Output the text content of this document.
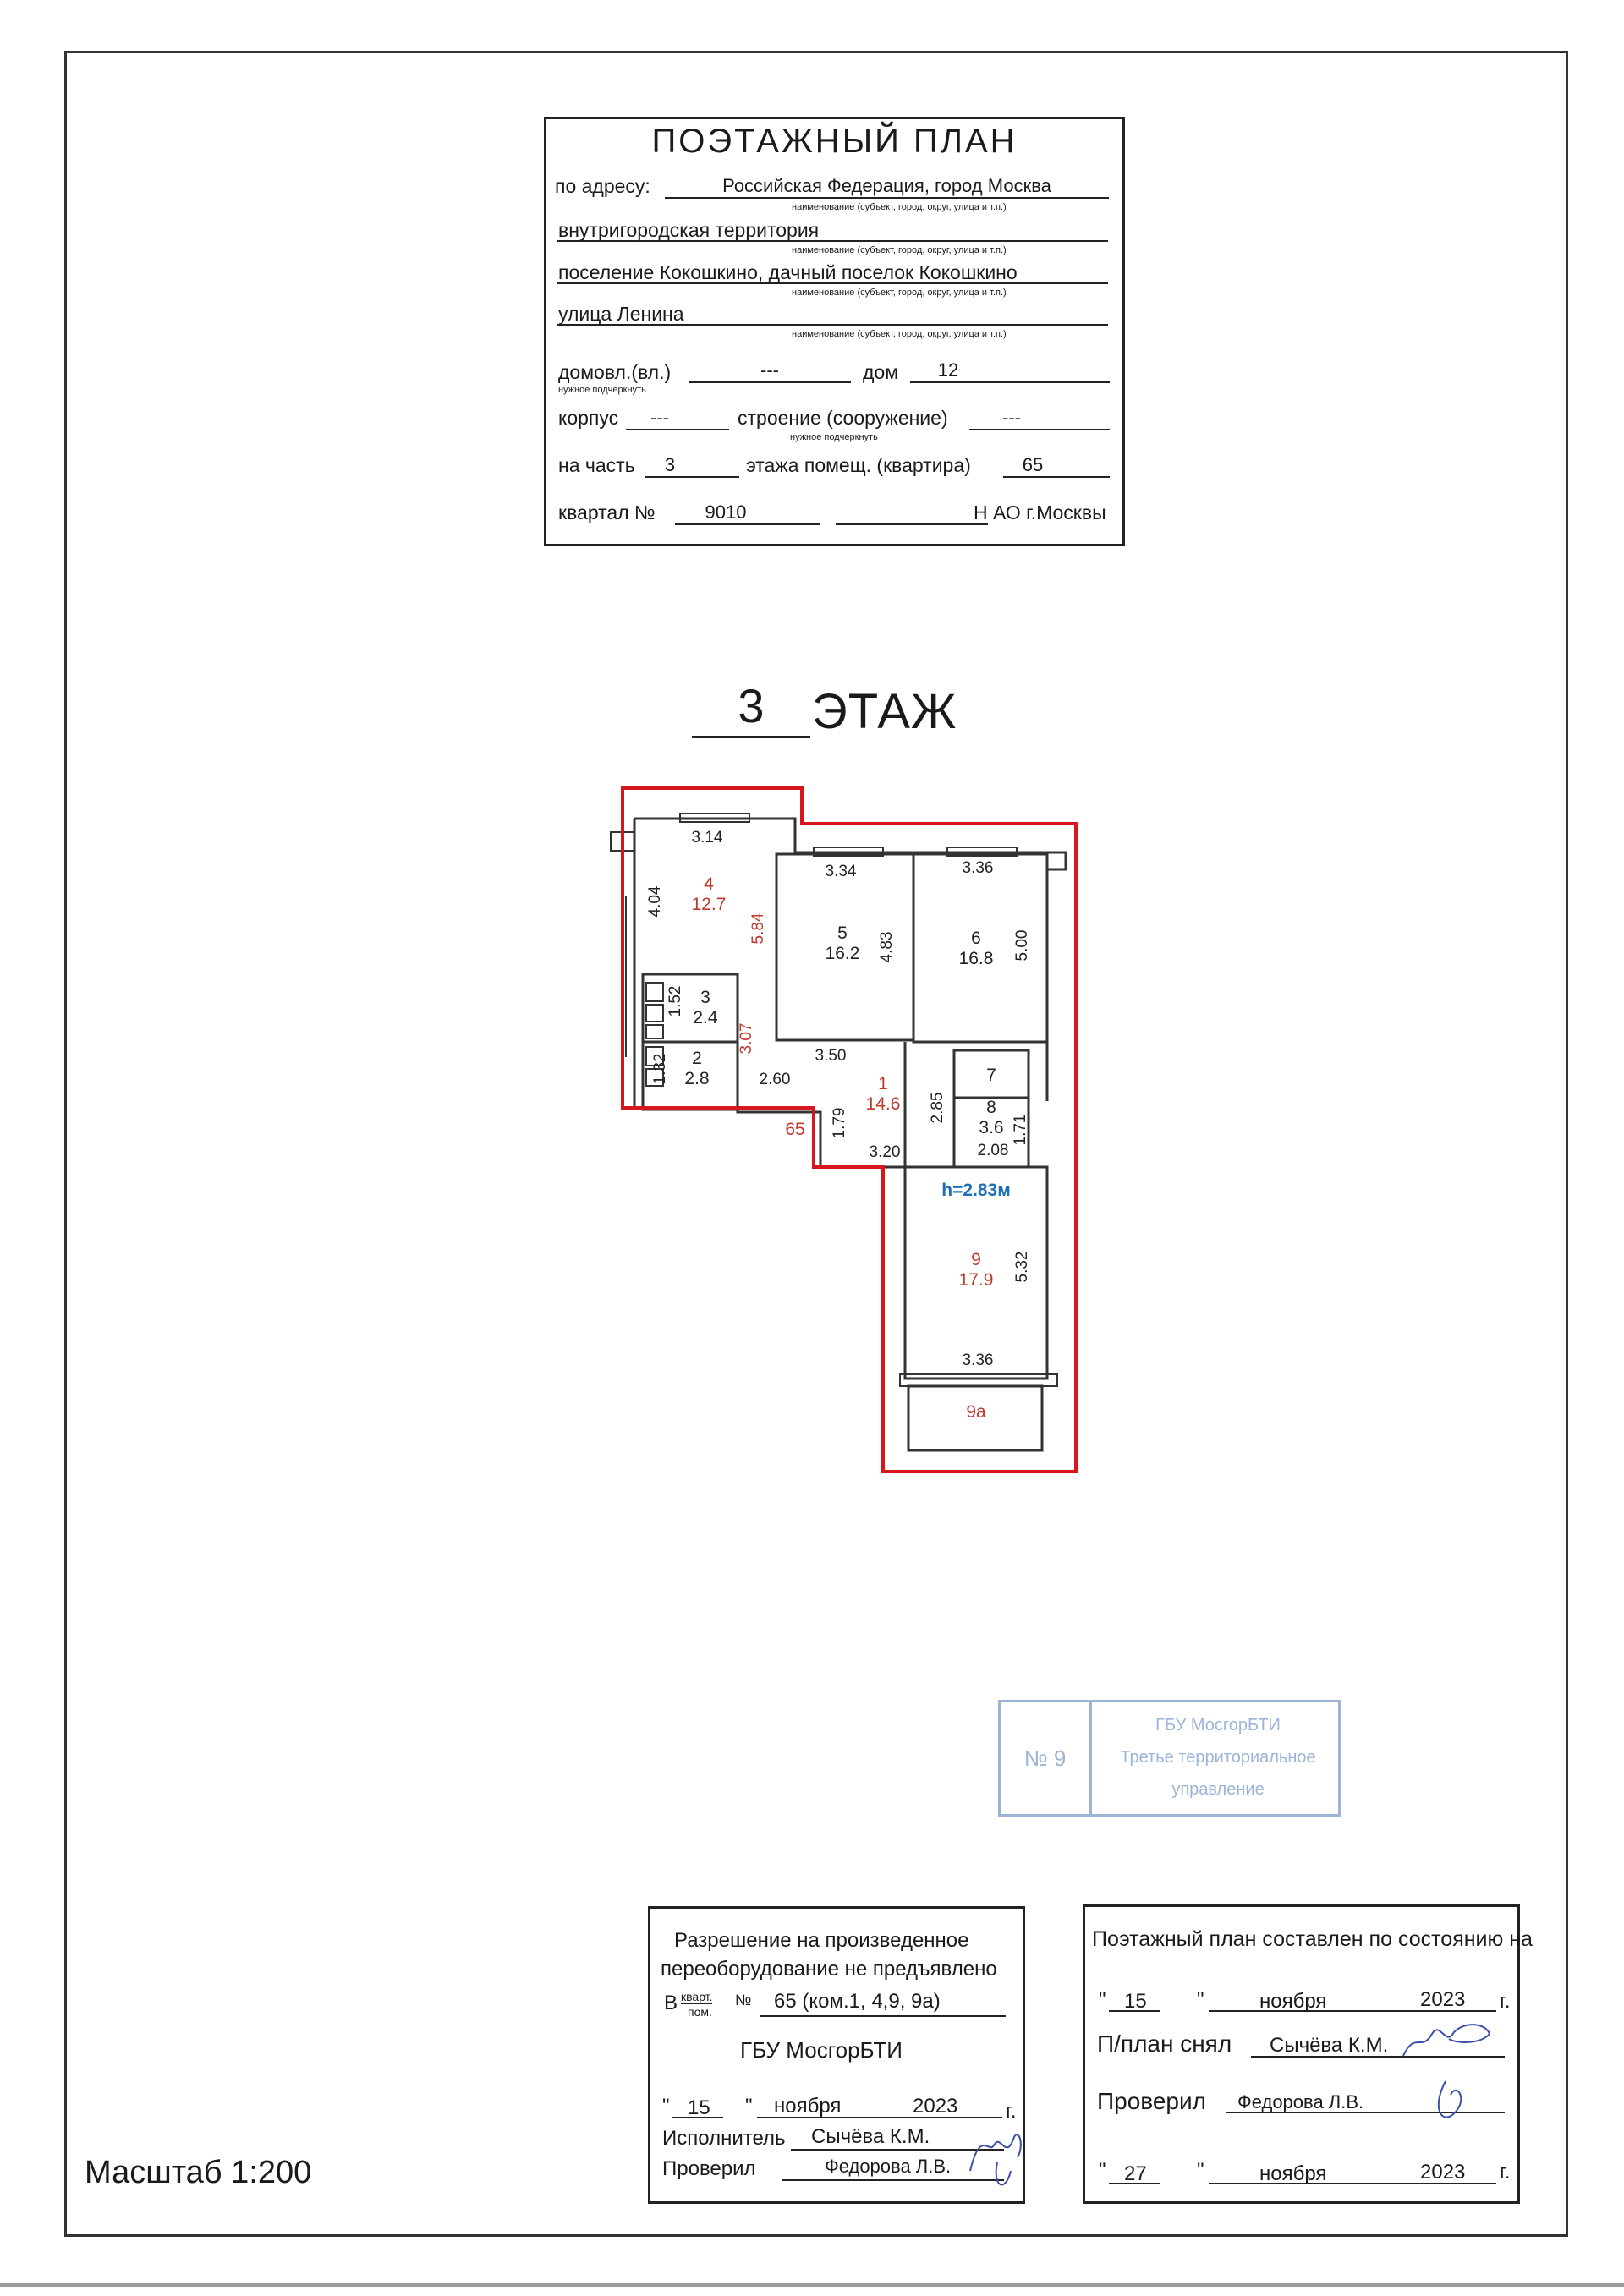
ПОЭТАЖНЫЙ ПЛАН
по адресу:	Российская Федерация, город Москва
наименование (субъект, город, округ, улица и т.п.)
внутригородская территория
наименование (субъект, город, округ, улица и т.п.)
поселение Кокошкино, дачный поселок Кокошкино
наименование (субъект, город, округ, улица и т.п.)
улица Ленина
наименование (субъект, город, округ, улица и т.п.)
домовл.(вл.)	---
нужное подчеркнуть
дом	12
корпус	---	строение (сооружение)
нужное подчеркнуть
---
на часть	3	этажа помещ. (квартира)	65
квартал №	9010	Н АО г.Москвы
3 ЭТАЖ
4
12.7
5
16.2
6
16.8
3
2.4
2
2.8	1
14.6
7
8
3.6
9
17.9
9а
65
h=2.83м
3.14
4.04
5.84
3.34
4.83
3.36
5.00
1.52
3.07
1.32	2.60
3.50
1.79	2.85
3.20
1.71
2.08
5.32
3.36
№ 9
ГБУ МосгорБТИ
Третье территориальное
управление
Разрешение на произведенное
переоборудование не предъявлено
В кварт.
пом.
№ 65 (ком.1, 4,9, 9а)
ГБУ МосгорБТИ
" 15 " ноября	2023 г.
Исполнитель Сычёва К.М.
Проверил	Федорова Л.В.
Поэтажный план составлен по состоянию на
" 15 "	ноября	2023 г.
П/план снял Сычёва К.М.
Проверил Федорова Л.В.
" 27 "	ноября	2023 г.
Масштаб 1:200
